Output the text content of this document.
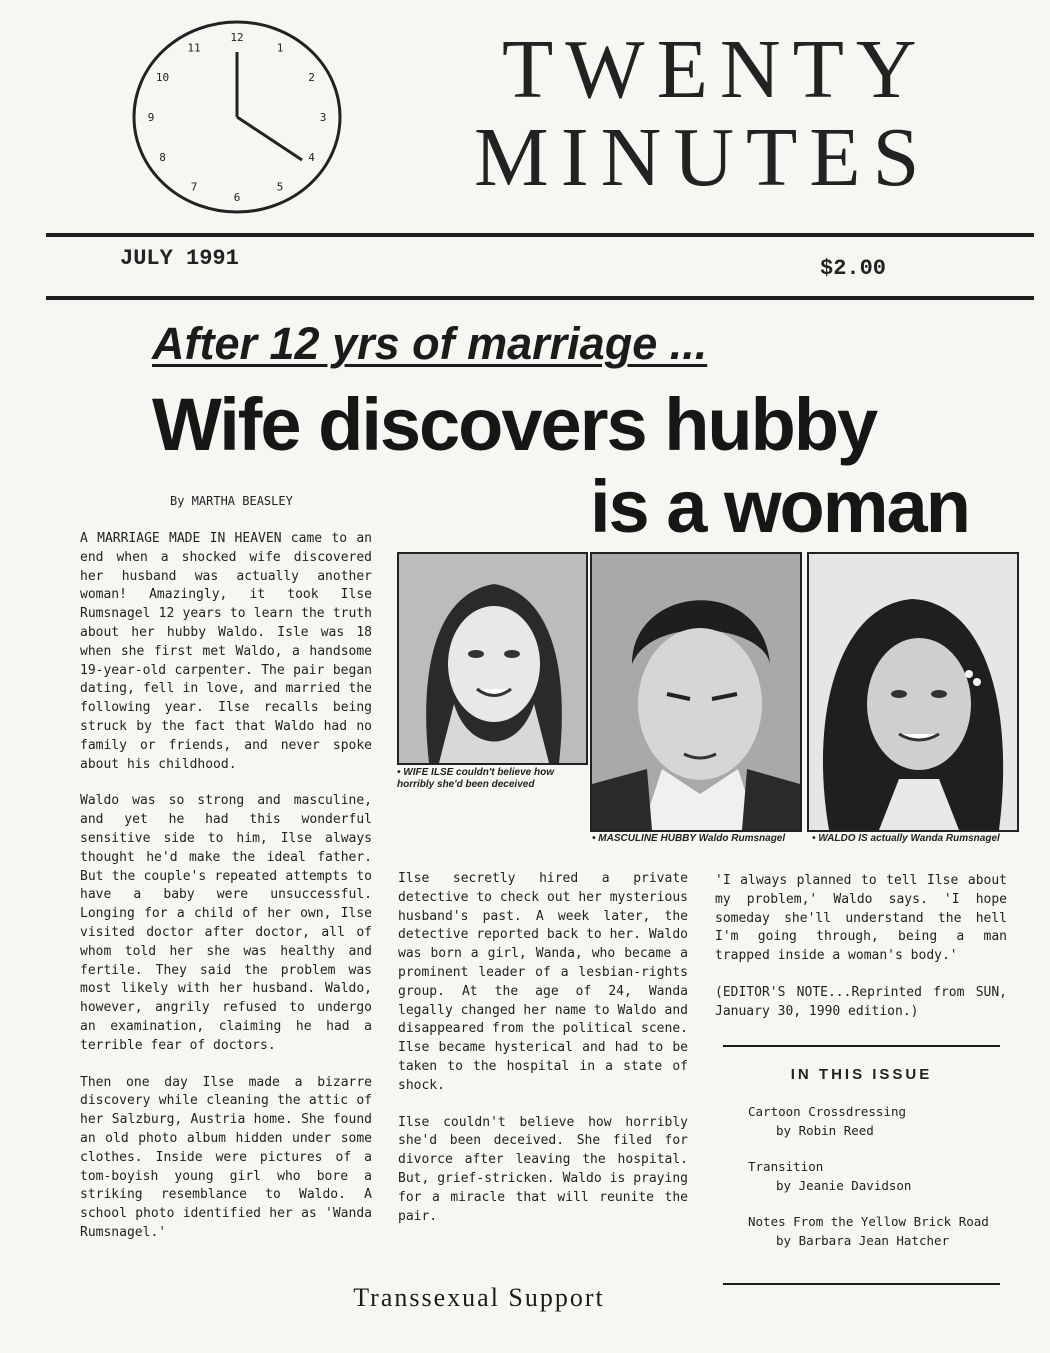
1
2
3
4
5
6
7
8
9
10
11
12	TWENTY
MINUTES
JULY 1991	$2.00
After 12 yrs of marriage ...
Wife discovers hubby
is a woman
By MARTHA BEASLEY

A MARRIAGE MADE IN HEAVEN came to an end when a shocked wife discovered her husband was actually another woman! Amazingly, it took Ilse Rumsnagel 12 years to learn the truth about her hubby Waldo. Isle was 18 when she first met Waldo, a handsome 19-year-old carpenter. The pair began dating, fell in love, and married the following year. Ilse recalls being struck by the fact that Waldo had no family or friends, and never spoke about his childhood.

Waldo was so strong and masculine, and yet he had this wonderful sensitive side to him, Ilse always thought he'd make the ideal father. But the couple's repeated attempts to have a baby were unsuccessful. Longing for a child of her own, Ilse visited doctor after doctor, all of whom told her she was healthy and fertile. They said the problem was most likely with her husband. Waldo, however, angrily refused to undergo an examination, claiming he had a terrible fear of doctors.

Then one day Ilse made a bizarre discovery while cleaning the attic of her Salzburg, Austria home. She found an old photo album hidden under some clothes. Inside were pictures of a tom-boyish young girl who bore a striking resemblance to Waldo. A school photo identified her as 'Wanda Rumsnagel.'

• WIFE ILSE couldn't believe how horribly she'd been deceived
• MASCULINE HUBBY Waldo Rumsnagel	• WALDO IS actually Wanda Rumsnagel

Ilse secretly hired a private detective to check out her mysterious husband's past. A week later, the detective reported back to her. Waldo was born a girl, Wanda, who became a prominent leader of a lesbian-rights group. At the age of 24, Wanda legally changed her name to Waldo and disappeared from the political scene. Ilse became hysterical and had to be taken to the hospital in a state of shock.

Ilse couldn't believe how horribly she'd been deceived. She filed for divorce after leaving the hospital. But, grief-stricken. Waldo is praying for a miracle that will reunite the pair.

'I always planned to tell Ilse about my problem,' Waldo says. 'I hope someday she'll understand the hell I'm going through, being a man trapped inside a woman's body.'

(EDITOR'S NOTE...Reprinted from SUN, January 30, 1990 edition.)

IN THIS ISSUE
Cartoon Crossdressing
by Robin Reed
Transition
by Jeanie Davidson
Notes From the Yellow Brick Road
by Barbara Jean Hatcher
Transsexual Support
